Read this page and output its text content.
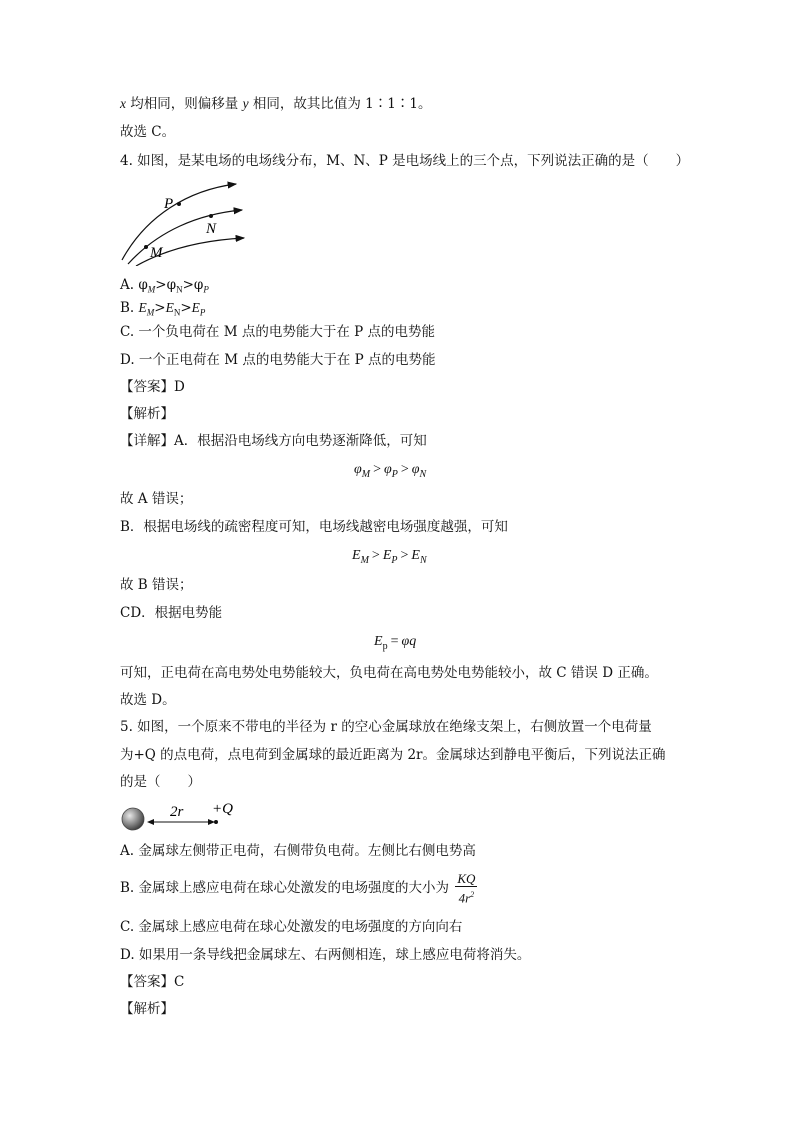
x 均相同，则偏移量 y 相同，故其比值为 1∶1∶1。
故选 C。
4. 如图，是某电场的电场线分布，M、N、P 是电场线上的三个点，下列说法正确的是（　　）
P
N
M
A. $\varphi_M>\varphi_N>\varphi_P$
B. $E_M>E_N>E_P$
C. 一个负电荷在 M 点的电势能大于在 P 点的电势能
D. 一个正电荷在 M 点的电势能大于在 P 点的电势能
【答案】D
【解析】
【详解】A．根据沿电场线方向电势逐渐降低，可知
$\varphi_M > \varphi_P > \varphi_N$
故 A 错误；
B．根据电场线的疏密程度可知，电场线越密电场强度越强，可知
$E_M > E_P > E_N$
故 B 错误；
CD．根据电势能
$E_p = \varphi q$
可知，正电荷在高电势处电势能较大，负电荷在高电势处电势能较小，故 C 错误 D 正确。
故选 D。
5. 如图，一个原来不带电的半径为 r 的空心金属球放在绝缘支架上，右侧放置一个电荷量
为+Q 的点电荷，点电荷到金属球的最近距离为 2r。金属球达到静电平衡后，下列说法正确
的是（　　）
2r +Q
A. 金属球左侧带正电荷，右侧带负电荷。左侧比右侧电势高
B. 金属球上感应电荷在球心处激发的电场强度的大小为 $\frac{KQ}{4r^2}$
C. 金属球上感应电荷在球心处激发的电场强度的方向向右
D. 如果用一条导线把金属球左、右两侧相连，球上感应电荷将消失。
【答案】C
【解析】
